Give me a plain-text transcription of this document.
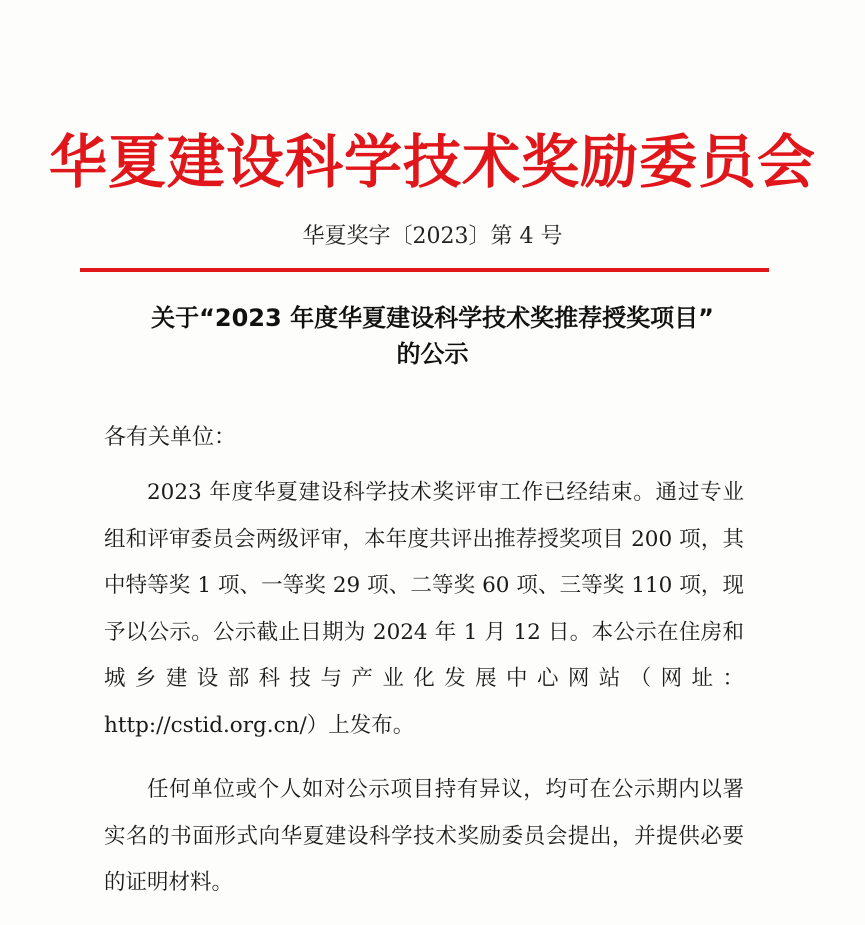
华夏建设科学技术奖励委员会
华夏奖字〔2023〕第 4 号
关于“2023 年度华夏建设科学技术奖推荐授奖项目”
的公示
各有关单位：

2023 年度华夏建设科学技术奖评审工作已经结束。通过专业组和评审委员会两级评审，本年度共评出推荐授奖项目 200 项，其中特等奖 1 项、一等奖 29 项、二等奖 60 项、三等奖 110 项，现予以公示。公示截止日期为 2024 年 1 月 12 日。本公示在住房和城乡建设部科技与产业化发展中心网站（网址：http://cstid.org.cn/）上发布。

任何单位或个人如对公示项目持有异议，均可在公示期内以署实名的书面形式向华夏建设科学技术奖励委员会提出，并提供必要的证明材料。
